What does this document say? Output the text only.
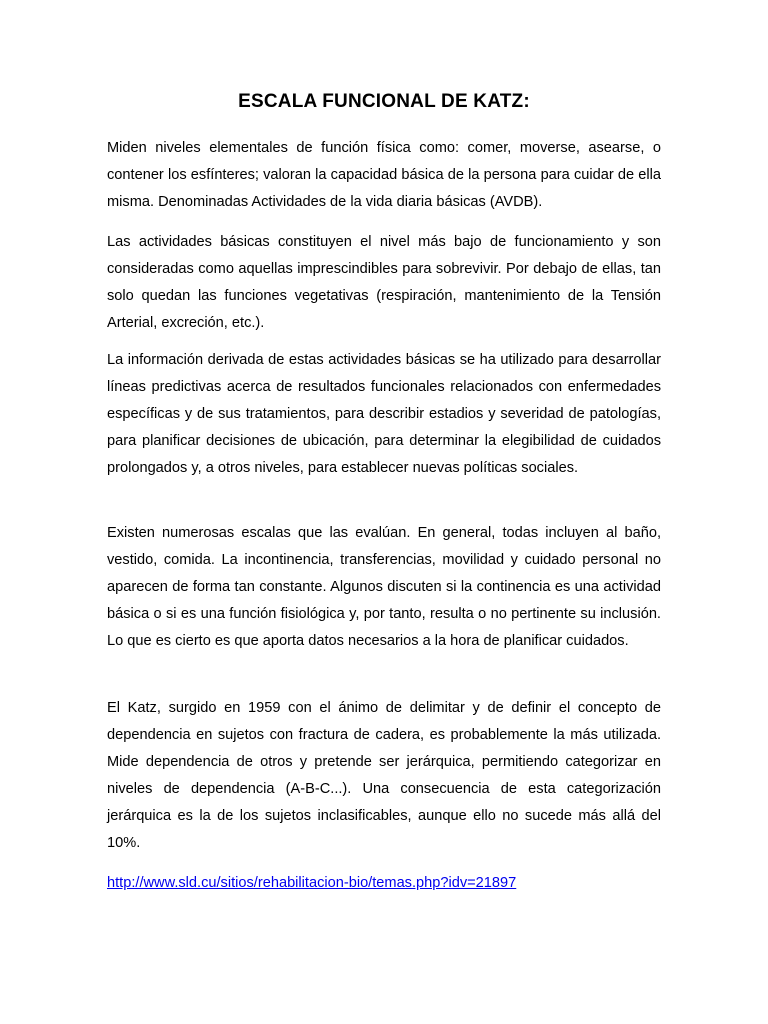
ESCALA FUNCIONAL DE KATZ:

Miden niveles elementales de función física como: comer, moverse, asearse, o contener los esfínteres; valoran la capacidad básica de la persona para cuidar de ella misma. Denominadas Actividades de la vida diaria básicas (AVDB).

Las actividades básicas constituyen el nivel más bajo de funcionamiento y son consideradas como aquellas imprescindibles para sobrevivir. Por debajo de ellas, tan solo quedan las funciones vegetativas (respiración, mantenimiento de la Tensión Arterial, excreción, etc.).

La información derivada de estas actividades básicas se ha utilizado para desarrollar líneas predictivas acerca de resultados funcionales relacionados con enfermedades específicas y de sus tratamientos, para describir estadios y severidad de patologías, para planificar decisiones de ubicación, para determinar la elegibilidad de cuidados prolongados y, a otros niveles, para establecer nuevas políticas sociales.

Existen numerosas escalas que las evalúan. En general, todas incluyen al baño, vestido, comida. La incontinencia, transferencias, movilidad y cuidado personal no aparecen de forma tan constante. Algunos discuten si la continencia es una actividad básica o si es una función fisiológica y, por tanto, resulta o no pertinente su inclusión. Lo que es cierto es que aporta datos necesarios a la hora de planificar cuidados.

El Katz, surgido en 1959 con el ánimo de delimitar y de definir el concepto de dependencia en sujetos con fractura de cadera, es probablemente la más utilizada. Mide dependencia de otros y pretende ser jerárquica, permitiendo categorizar en niveles de dependencia (A-B-C...). Una consecuencia de esta categorización jerárquica es la de los sujetos inclasificables, aunque ello no sucede más allá del 10%.

http://www.sld.cu/sitios/rehabilitacion-bio/temas.php?idv=21897
